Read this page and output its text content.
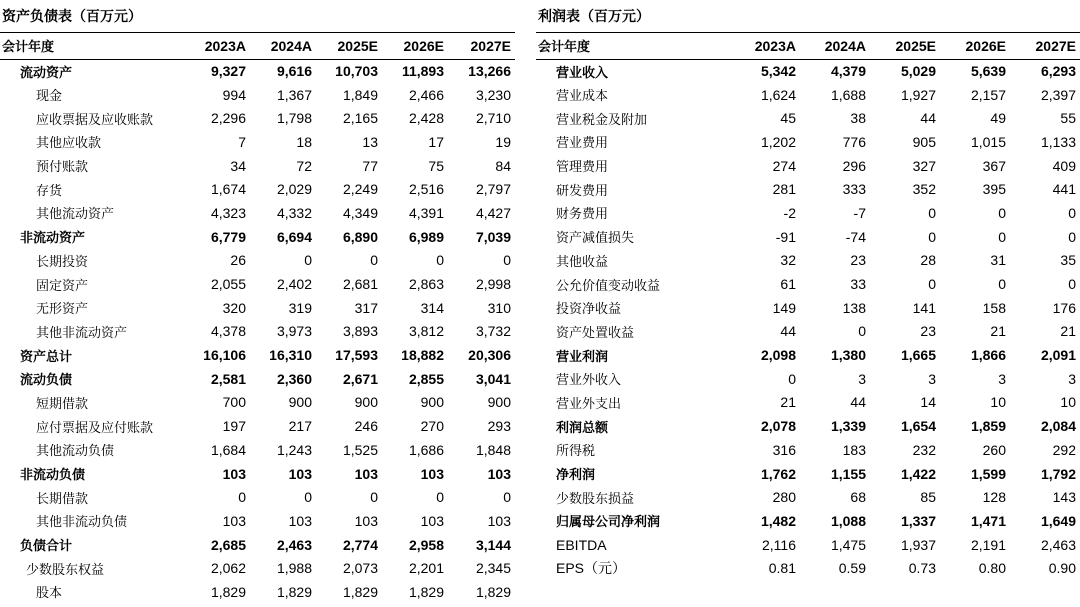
资产负债表（百万元）
会计年度	2023A	2024A	2025E	2026E	2027E
流动资产	9,327	9,616	10,703	11,893	13,266
现金	994	1,367	1,849	2,466	3,230
应收票据及应收账款	2,296	1,798	2,165	2,428	2,710
其他应收款	7	18	13	17	19
预付账款	34	72	77	75	84
存货	1,674	2,029	2,249	2,516	2,797
其他流动资产	4,323	4,332	4,349	4,391	4,427
非流动资产	6,779	6,694	6,890	6,989	7,039
长期投资	26	0	0	0	0
固定资产	2,055	2,402	2,681	2,863	2,998
无形资产	320	319	317	314	310
其他非流动资产	4,378	3,973	3,893	3,812	3,732
资产总计	16,106	16,310	17,593	18,882	20,306
流动负债	2,581	2,360	2,671	2,855	3,041
短期借款	700	900	900	900	900
应付票据及应付账款	197	217	246	270	293
其他流动负债	1,684	1,243	1,525	1,686	1,848
非流动负债	103	103	103	103	103
长期借款	0	0	0	0	0
其他非流动负债	103	103	103	103	103
负债合计	2,685	2,463	2,774	2,958	3,144
少数股东权益	2,062	1,988	2,073	2,201	2,345
股本	1,829	1,829	1,829	1,829	1,829
利润表（百万元）
会计年度	2023A	2024A	2025E	2026E	2027E
营业收入	5,342	4,379	5,029	5,639	6,293
营业成本	1,624	1,688	1,927	2,157	2,397
营业税金及附加	45	38	44	49	55
营业费用	1,202	776	905	1,015	1,133
管理费用	274	296	327	367	409
研发费用	281	333	352	395	441
财务费用	-2	-7	0	0	0
资产减值损失	-91	-74	0	0	0
其他收益	32	23	28	31	35
公允价值变动收益	61	33	0	0	0
投资净收益	149	138	141	158	176
资产处置收益	44	0	23	21	21
营业利润	2,098	1,380	1,665	1,866	2,091
营业外收入	0	3	3	3	3
营业外支出	21	44	14	10	10
利润总额	2,078	1,339	1,654	1,859	2,084
所得税	316	183	232	260	292
净利润	1,762	1,155	1,422	1,599	1,792
少数股东损益	280	68	85	128	143
归属母公司净利润	1,482	1,088	1,337	1,471	1,649
EBITDA	2,116	1,475	1,937	2,191	2,463
EPS（元）	0.81	0.59	0.73	0.80	0.90
